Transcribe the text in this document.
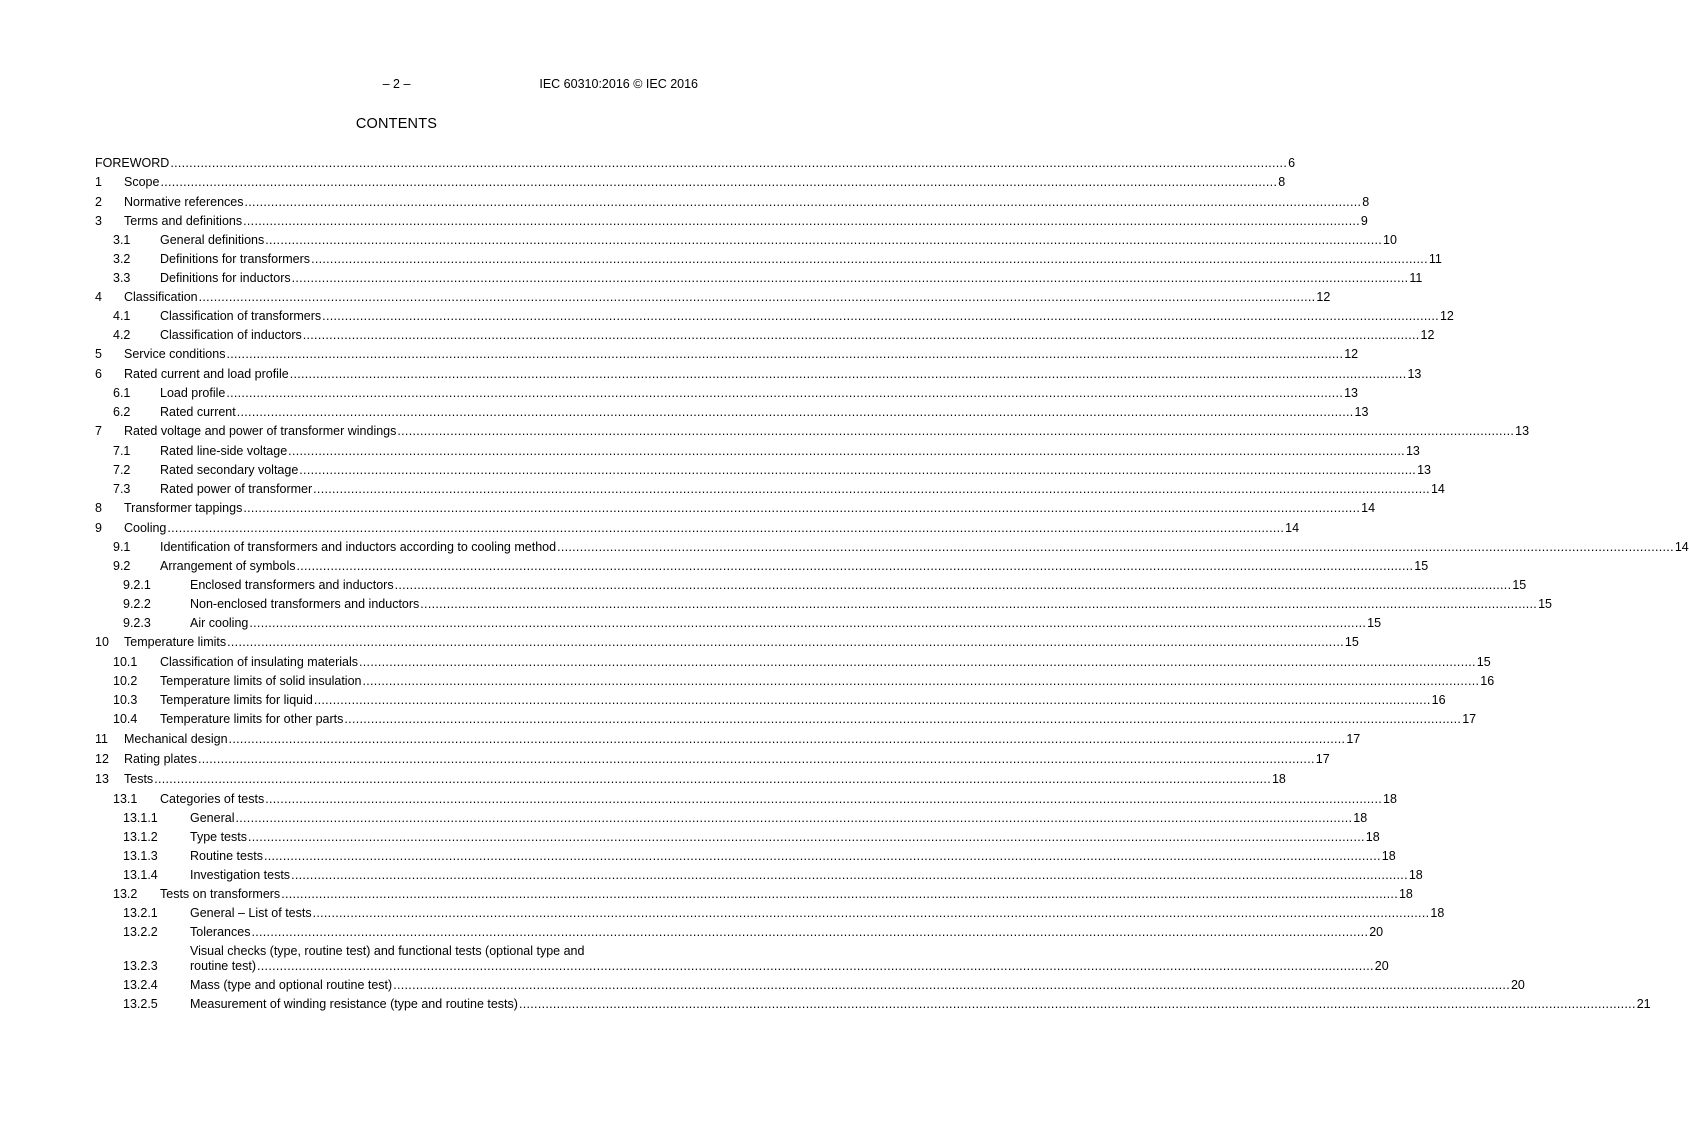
– 2 –	IEC 60310:2016 © IEC 2016
CONTENTS
FOREWORD .....	6
1	Scope .....	8
2	Normative references .....	8
3	Terms and definitions .....	9
3.1	General definitions .....	10
3.2	Definitions for transformers .....	11
3.3	Definitions for inductors .....	11
4	Classification .....	12
4.1	Classification of transformers .....	12
4.2	Classification of inductors .....	12
5	Service conditions .....	12
6	Rated current and load profile .....	13
6.1	Load profile .....	13
6.2	Rated current .....	13
7	Rated voltage and power of transformer windings .....	13
7.1	Rated line-side voltage .....	13
7.2	Rated secondary voltage .....	13
7.3	Rated power of transformer .....	14
8	Transformer tappings .....	14
9	Cooling .....	14
9.1	Identification of transformers and inductors according to cooling method .....	14
9.2	Arrangement of symbols .....	15
9.2.1	Enclosed transformers and inductors .....	15
9.2.2	Non-enclosed transformers and inductors .....	15
9.2.3	Air cooling .....	15
10	Temperature limits .....	15
10.1	Classification of insulating materials .....	15
10.2	Temperature limits of solid insulation .....	16
10.3	Temperature limits for liquid .....	16
10.4	Temperature limits for other parts .....	17
11	Mechanical design .....	17
12	Rating plates .....	17
13	Tests .....	18
13.1	Categories of tests .....	18
13.1.1	General .....	18
13.1.2	Type tests .....	18
13.1.3	Routine tests .....	18
13.1.4	Investigation tests .....	18
13.2	Tests on transformers .....	18
13.2.1	General – List of tests .....	18
13.2.2	Tolerances .....	20
13.2.3
Visual checks (type, routine test) and functional tests (optional type and
routine test) .....	20
13.2.4	Mass (type and optional routine test) .....	20
13.2.5	Measurement of winding resistance (type and routine tests) .....	21
